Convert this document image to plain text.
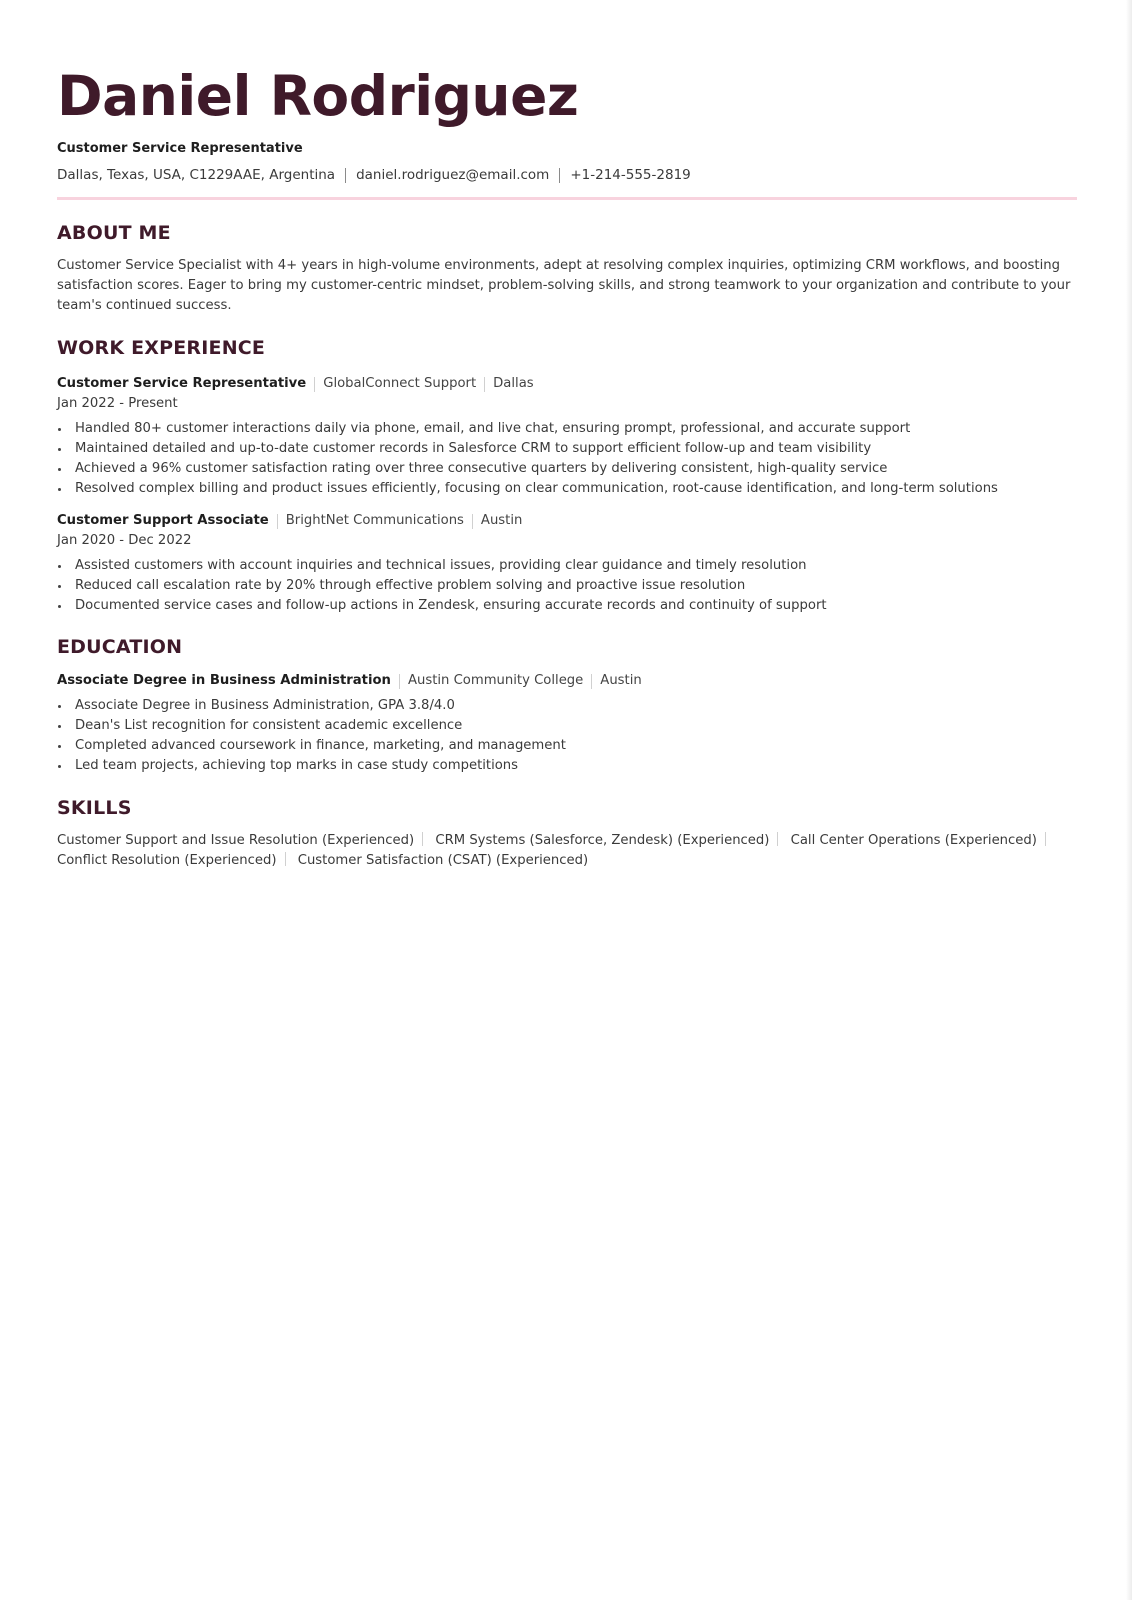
Daniel Rodriguez
Customer Service Representative
Dallas, Texas, USA, C1229AAE, Argentina daniel.rodriguez@email.com +1-214-555-2819
ABOUT ME
Customer Service Specialist with 4+ years in high-volume environments, adept at resolving complex inquiries, optimizing CRM workflows, and boosting satisfaction scores. Eager to bring my customer-centric mindset, problem-solving skills, and strong teamwork to your organization and contribute to your team's continued success.
WORK EXPERIENCE
Customer Service Representative GlobalConnect Support Dallas
Jan 2022 - Present
Handled 80+ customer interactions daily via phone, email, and live chat, ensuring prompt, professional, and accurate support
Maintained detailed and up-to-date customer records in Salesforce CRM to support efficient follow-up and team visibility
Achieved a 96% customer satisfaction rating over three consecutive quarters by delivering consistent, high-quality service
Resolved complex billing and product issues efficiently, focusing on clear communication, root-cause identification, and long-term solutions
Customer Support Associate BrightNet Communications Austin
Jan 2020 - Dec 2022
Assisted customers with account inquiries and technical issues, providing clear guidance and timely resolution
Reduced call escalation rate by 20% through effective problem solving and proactive issue resolution
Documented service cases and follow-up actions in Zendesk, ensuring accurate records and continuity of support
EDUCATION
Associate Degree in Business Administration Austin Community College Austin
Associate Degree in Business Administration, GPA 3.8/4.0
Dean's List recognition for consistent academic excellence
Completed advanced coursework in finance, marketing, and management
Led team projects, achieving top marks in case study competitions
SKILLS
Customer Support and Issue Resolution (Experienced) CRM Systems (Salesforce, Zendesk) (Experienced) Call Center Operations (Experienced)
Conflict Resolution (Experienced) Customer Satisfaction (CSAT) (Experienced)
